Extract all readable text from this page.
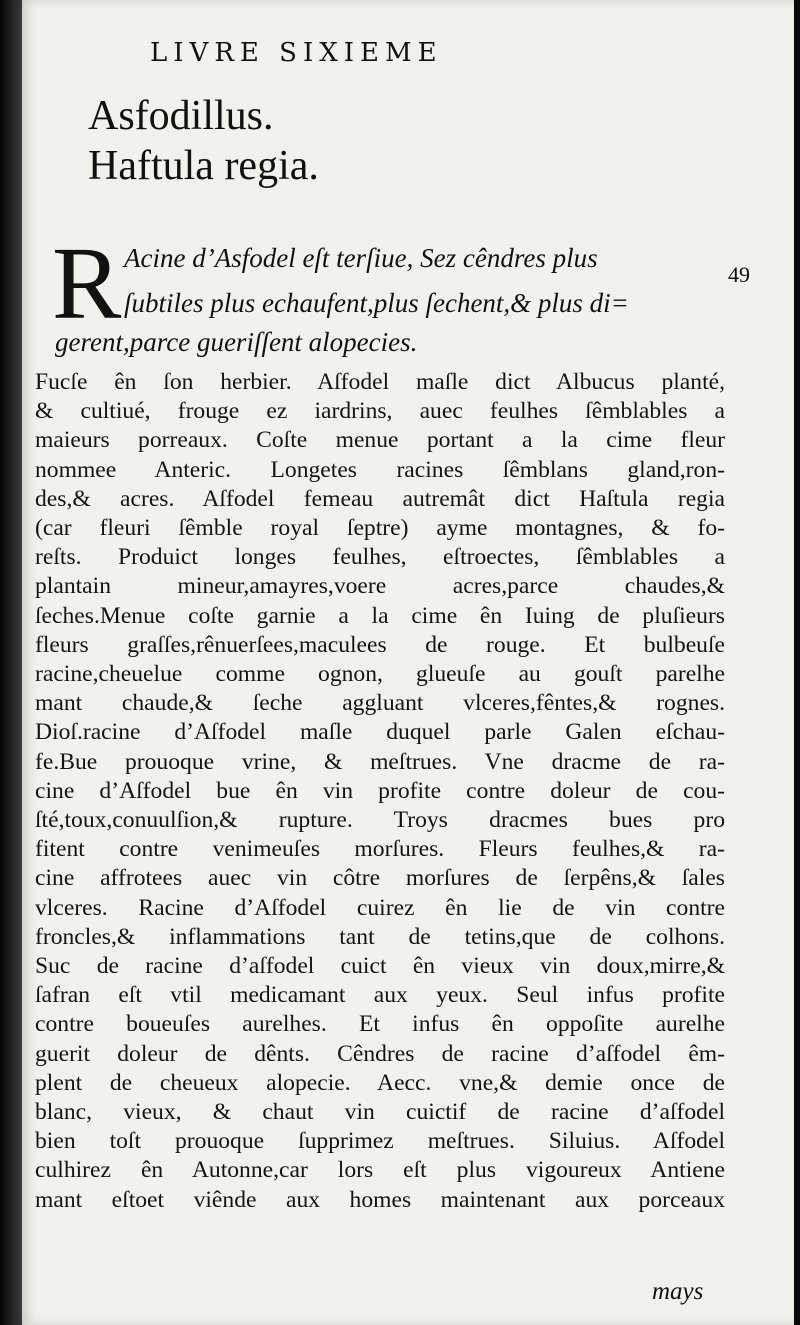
LIVRE SIXIEME
Asfodillus.
Haftula regia.
49
R Acine d’Asfodel eſt terſiue, Sez cêndres plus
ſubtiles plus echaufent,plus ſechent,& plus di=
gerent,parce gueriſſent alopecies.
Fucſe ên ſon herbier. Aſfodel maſle dict Albucus planté,
& cultiué, frouge ez iardrins, auec feulhes ſêmblables a
maieurs porreaux. Coſte menue portant a la cime fleur
nommee Anteric. Longetes racines ſêmblans gland,ron-
des,& acres. Aſfodel femeau autremât dict Haſtula regia
(car fleuri ſêmble royal ſeptre) ayme montagnes, & fo-
reſts. Produict longes feulhes, eſtroectes, ſêmblables a
plantain mineur,amayres,voere acres,parce chaudes,&
ſeches.Menue coſte garnie a la cime ên Iuing de pluſieurs
fleurs graſſes,rênuerſees,maculees de rouge. Et bulbeuſe
racine,cheuelue comme ognon, glueuſe au gouſt parelhe
mant chaude,& ſeche aggluant vlceres,fêntes,& rognes.
Dioſ.racine d’Aſfodel maſle duquel parle Galen eſchau-
fe.Bue prouoque vrine, & meſtrues. Vne dracme de ra-
cine d’Aſfodel bue ên vin profite contre doleur de cou-
ſté,toux,conuulſion,& rupture. Troys dracmes bues pro
fitent contre venimeuſes morſures. Fleurs feulhes,& ra-
cine affrotees auec vin côtre morſures de ſerpêns,& ſales
vlceres. Racine d’Aſfodel cuirez ên lie de vin contre
froncles,& inflammations tant de tetins,que de colhons.
Suc de racine d’aſfodel cuict ên vieux vin doux,mirre,&
ſafran eſt vtil medicamant aux yeux. Seul infus profite
contre boueuſes aurelhes. Et infus ên oppoſite aurelhe
guerit doleur de dênts. Cêndres de racine d’aſfodel êm-
plent de cheueux alopecie. Aecc. vne,& demie once de
blanc, vieux, & chaut vin cuictif de racine d’aſfodel
bien toſt prouoque ſupprimez meſtrues. Siluius. Aſfodel
culhirez ên Autonne,car lors eſt plus vigoureux Antiene
mant eſtoet viênde aux homes maintenant aux porceaux
mays
